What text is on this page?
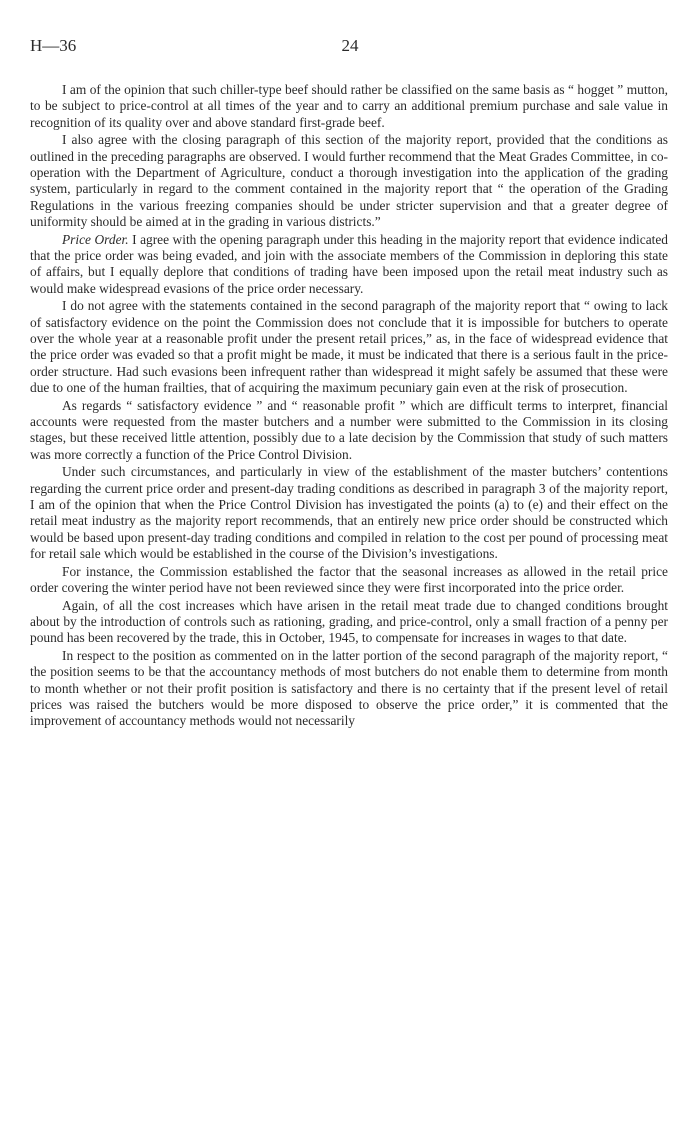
H—36	24

I am of the opinion that such chiller-type beef should rather be classified on the same basis as “ hogget ” mutton, to be subject to price-control at all times of the year and to carry an additional premium purchase and sale value in recognition of its quality over and above standard first-grade beef.

I also agree with the closing paragraph of this section of the majority report, provided that the conditions as outlined in the preceding paragraphs are observed. I would further recommend that the Meat Grades Committee, in co-operation with the Department of Agriculture, conduct a thorough investigation into the application of the grading system, particularly in regard to the comment contained in the majority report that “ the operation of the Grading Regulations in the various freezing companies should be under stricter supervision and that a greater degree of uniformity should be aimed at in the grading in various districts.”

Price Order. I agree with the opening paragraph under this heading in the majority report that evidence indicated that the price order was being evaded, and join with the associate members of the Commission in deploring this state of affairs, but I equally deplore that conditions of trading have been imposed upon the retail meat industry such as would make widespread evasions of the price order necessary.

I do not agree with the statements contained in the second paragraph of the majority report that “ owing to lack of satisfactory evidence on the point the Commission does not conclude that it is impossible for butchers to operate over the whole year at a reasonable profit under the present retail prices,” as, in the face of widespread evidence that the price order was evaded so that a profit might be made, it must be indicated that there is a serious fault in the price-order structure. Had such evasions been infrequent rather than widespread it might safely be assumed that these were due to one of the human frailties, that of acquiring the maximum pecuniary gain even at the risk of prosecution.

As regards “ satisfactory evidence ” and “ reasonable profit ” which are difficult terms to interpret, financial accounts were requested from the master butchers and a number were submitted to the Commission in its closing stages, but these received little attention, possibly due to a late decision by the Commission that study of such matters was more correctly a function of the Price Control Division.

Under such circumstances, and particularly in view of the establishment of the master butchers’ contentions regarding the current price order and present-day trading conditions as described in paragraph 3 of the majority report, I am of the opinion that when the Price Control Division has investigated the points (a) to (e) and their effect on the retail meat industry as the majority report recommends, that an entirely new price order should be constructed which would be based upon present-day trading conditions and compiled in relation to the cost per pound of processing meat for retail sale which would be established in the course of the Division’s investigations.

For instance, the Commission established the factor that the seasonal increases as allowed in the retail price order covering the winter period have not been reviewed since they were first incorporated into the price order.

Again, of all the cost increases which have arisen in the retail meat trade due to changed conditions brought about by the introduction of controls such as rationing, grading, and price-control, only a small fraction of a penny per pound has been recovered by the trade, this in October, 1945, to compensate for increases in wages to that date.

In respect to the position as commented on in the latter portion of the second paragraph of the majority report, “ the position seems to be that the accountancy methods of most butchers do not enable them to determine from month to month whether or not their profit position is satisfactory and there is no certainty that if the present level of retail prices was raised the butchers would be more disposed to observe the price order,” it is commented that the improvement of accountancy methods would not necessarily
